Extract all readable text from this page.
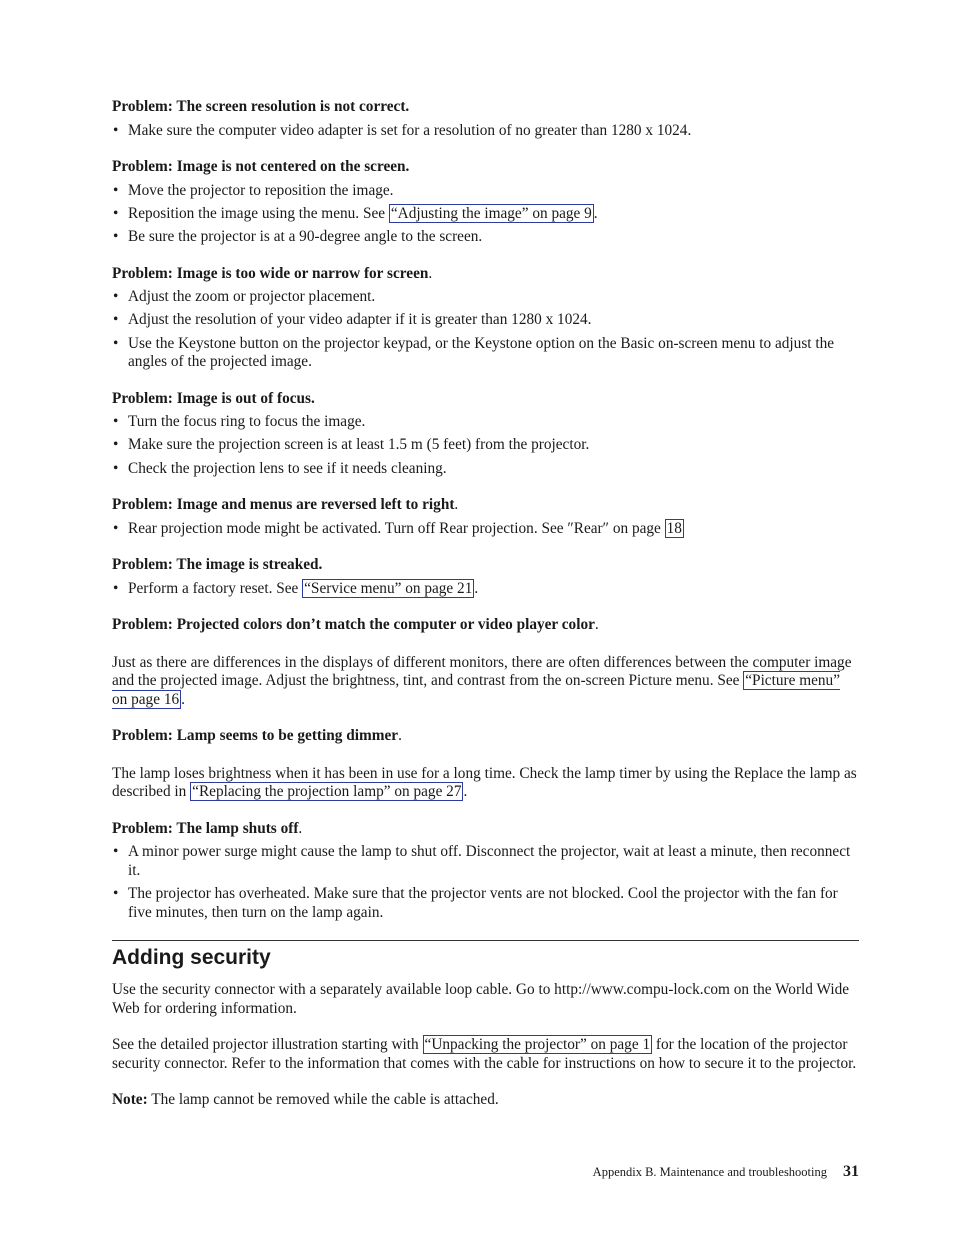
Problem: The screen resolution is not correct.

• Make sure the computer video adapter is set for a resolution of no greater than 1280 x 1024.

Problem: Image is not centered on the screen.

• Move the projector to reposition the image.
• Reposition the image using the menu. See “Adjusting the image” on page 9 .
• Be sure the projector is at a 90-degree angle to the screen.

Problem: Image is too wide or narrow for screen.

• Adjust the zoom or projector placement.
• Adjust the resolution of your video adapter if it is greater than 1280 x 1024.
• Use the Keystone button on the projector keypad, or the Keystone option on the Basic on-screen menu to adjust the angles of the projected image.

Problem: Image is out of focus.

• Turn the focus ring to focus the image.
• Make sure the projection screen is at least 1.5 m (5 feet) from the projector.
• Check the projection lens to see if it needs cleaning.

Problem: Image and menus are reversed left to right.

• Rear projection mode might be activated. Turn off Rear projection. See ″Rear″ on page 18

Problem: The image is streaked.

• Perform a factory reset. See “Service menu” on page 21 .

Problem: Projected colors don’t match the computer or video player color.

Just as there are differences in the displays of different monitors, there are often differences between the computer image and the projected image. Adjust the brightness, tint, and contrast from the on-screen Picture menu. See “Picture menu” on page 16 .

Problem: Lamp seems to be getting dimmer.

The lamp loses brightness when it has been in use for a long time. Check the lamp timer by using the Replace the lamp as described in “Replacing the projection lamp” on page 27 .

Problem: The lamp shuts off.

• A minor power surge might cause the lamp to shut off. Disconnect the projector, wait at least a minute, then reconnect it.
• The projector has overheated. Make sure that the projector vents are not blocked. Cool the projector with the fan for five minutes, then turn on the lamp again.
Adding security

Use the security connector with a separately available loop cable. Go to http://www.compu-lock.com on the World Wide Web for ordering information.

See the detailed projector illustration starting with “Unpacking the projector” on page 1 for the location of the projector security connector. Refer to the information that comes with the cable for instructions on how to secure it to the projector.

Note: The lamp cannot be removed while the cable is attached.

Appendix B. Maintenance and troubleshooting 31
